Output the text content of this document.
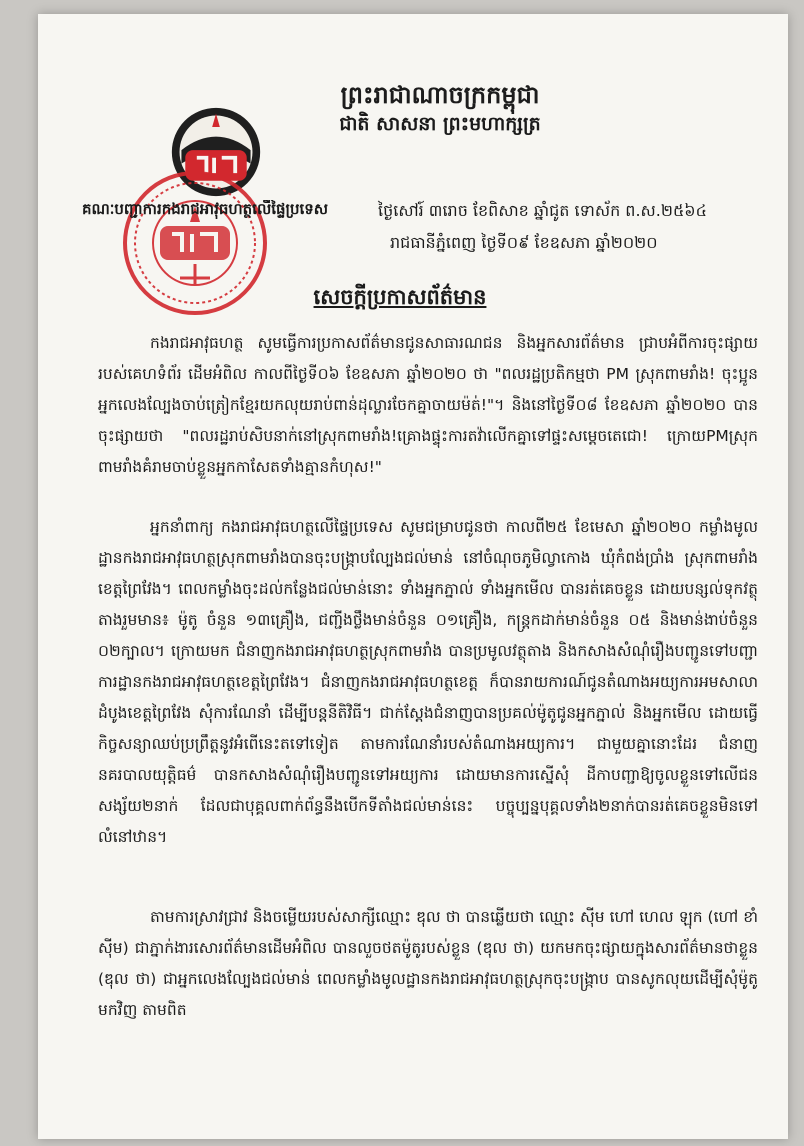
ព្រះរាជាណាចក្រកម្ពុជា
ជាតិ សាសនា ព្រះមហាក្សត្រ
គណៈបញ្ជាការកងរាជអាវុធហត្ថលើផ្ទៃប្រទេស	ថ្ងៃសៅរ៍ ៣រោច ខែពិសាខ ឆ្នាំជូត ទោស័ក ព.ស.២៥៦៤
រាជធានីភ្នំពេញ ថ្ងៃទី០៩ ខែឧសភា ឆ្នាំ២០២០
សេចក្តីប្រកាសព័ត៌មាន

កងរាជអាវុធហត្ថ សូមធ្វើការប្រកាសព័ត៌មានជូនសាធារណជន និងអ្នកសារព័ត៌មាន ជ្រាបអំពីការចុះផ្សាយរបស់គេហទំព័រ ដើមអំពិល កាលពីថ្ងៃទី០៦ ខែឧសភា ឆ្នាំ២០២០ ថា "ពលរដ្ឋប្រតិកម្មថា PM ស្រុកពាមរាំង! ចុះប្អូនអ្នកលេងល្បែងចាប់ត្រៀកខ្មែរយកលុយរាប់ពាន់ដុល្លារចែកគ្នាចាយម៉ត់!"។ និងនៅថ្ងៃទី០៨ ខែឧសភា ឆ្នាំ២០២០ បានចុះផ្សាយថា "ពលរដ្ឋរាប់សិបនាក់នៅស្រុកពាមរាំង!គ្រោងផ្ទុះការតវ៉ាលើកគ្នាទៅផ្ទះសម្តេចតេជោ! ក្រោយPMស្រុកពាមរាំងគំរាមចាប់ខ្លួនអ្នកកាសែតទាំងគ្មានកំហុស!"

អ្នកនាំពាក្យ កងរាជអាវុធហត្ថលើផ្ទៃប្រទេស សូមជម្រាបជូនថា កាលពី២៥ ខែមេសា ឆ្នាំ២០២០ កម្លាំងមូលដ្ឋានកងរាជអាវុធហត្ថស្រុកពាមរាំងបានចុះបង្ក្រាបល្បែងជល់មាន់ នៅចំណុចភូមិល្វាកោង ឃុំកំពង់ប្រាំង ស្រុកពាមរាំង ខេត្តព្រៃវែង។ ពេលកម្លាំងចុះដល់កន្លែងជល់មាន់នោះ ទាំងអ្នកភ្នាល់ ទាំងអ្នកមើល បានរត់គេចខ្លួន ដោយបន្សល់ទុកវត្ថុតាងរួមមាន៖ ម៉ូតូ ចំនួន ១៣គ្រឿង, ជញ្ជីងថ្លឹងមាន់ចំនួន ០១គ្រឿង, កន្ត្រកដាក់មាន់ចំនួន ០៥ និងមាន់ងាប់ចំនួន ០២ក្បាល។ ក្រោយមក ជំនាញកងរាជអាវុធហត្ថស្រុកពាមរាំង បានប្រមូលវត្ថុតាង និងកសាងសំណុំរឿងបញ្ជូនទៅបញ្ជាការដ្ឋានកងរាជអាវុធហត្ថខេត្តព្រៃវែង។ ជំនាញកងរាជអាវុធហត្ថខេត្ត ក៏បានរាយការណ៍ជូនតំណាងអយ្យការអមសាលាដំបូងខេត្តព្រៃវែង សុំការណែនាំ ដើម្បីបន្តនីតិវិធី។ ជាក់ស្តែងជំនាញបានប្រគល់ម៉ូតូជូនអ្នកភ្នាល់ និងអ្នកមើល ដោយធ្វើកិច្ចសន្យាឈប់ប្រព្រឹត្តនូវអំពើនេះតទៅទៀត តាមការណែនាំរបស់តំណាងអយ្យការ។ ជាមួយគ្នានោះដែរ ជំនាញនគរបាលយុត្តិធម៌ បានកសាងសំណុំរឿងបញ្ជូនទៅអយ្យការ ដោយមានការស្នើសុំ ដីកាបញ្ជាឱ្យចូលខ្លួនទៅលើជនសង្ស័យ២នាក់ ដែលជាបុគ្គលពាក់ព័ន្ធនឹងបើកទីតាំងជល់មាន់នេះ បច្ចុប្បន្នបុគ្គលទាំង២នាក់បានរត់គេចខ្លួនមិនទៅលំនៅឋាន។

តាមការស្រាវជ្រាវ និងចម្លើយរបស់សាក្សីឈ្មោះ ឌុល ថា បានឆ្លើយថា ឈ្មោះ ស៊ីម ហៅ ហេល ឡុក (ហៅ ខាំ ស៊ីម) ជាភ្នាក់ងារសោរព័ត៌មានដើមអំពិល បានលួចថតម៉ូតូរបស់ខ្លួន (ឌុល ថា) យកមកចុះផ្សាយក្នុងសារព័ត៌មានថាខ្លួន (ឌុល ថា) ជាអ្នកលេងល្បែងជល់មាន់ ពេលកម្លាំងមូលដ្ឋានកងរាជអាវុធហត្ថស្រុកចុះបង្ក្រាប បានសូកលុយដើម្បីសុំម៉ូតូមកវិញ តាមពិត
